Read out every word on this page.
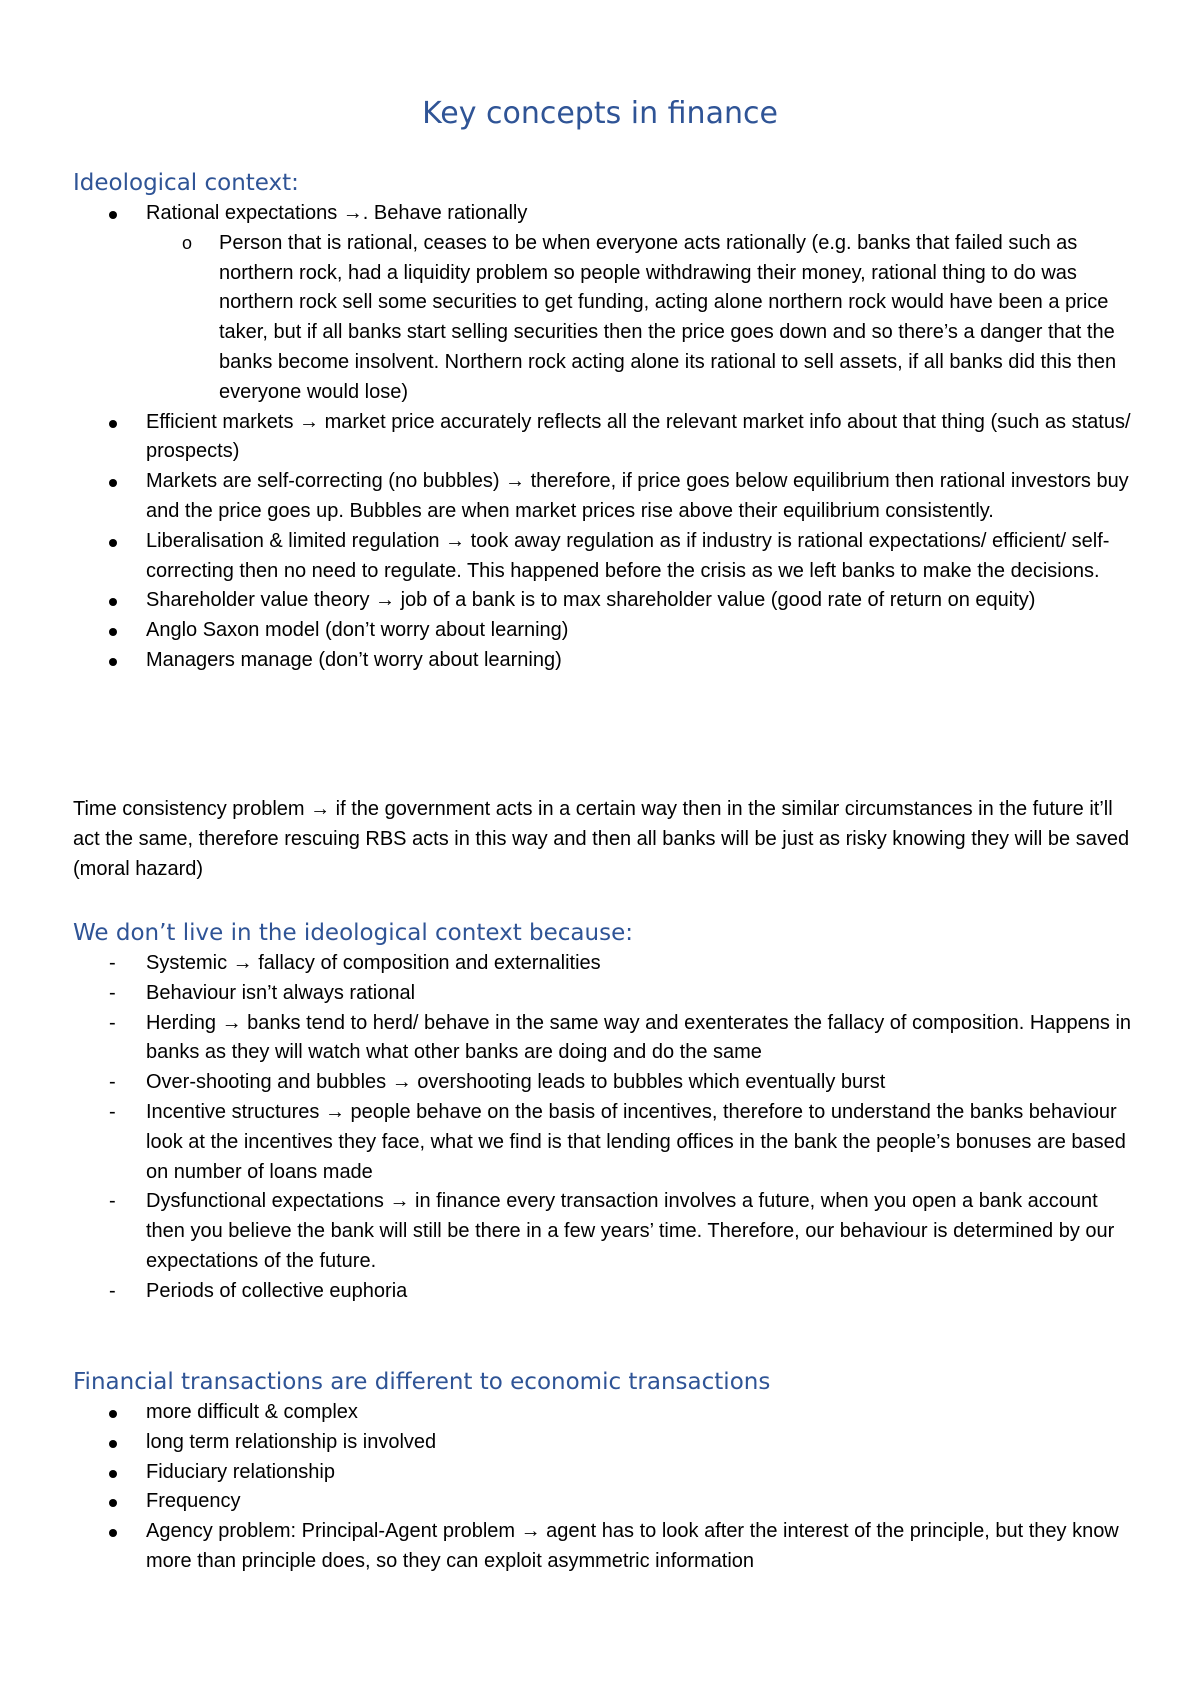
Key concepts in finance
Ideological context:
Rational expectations →. Behave rationally
o	Person that is rational, ceases to be when everyone acts rationally (e.g. banks that failed such as northern rock, had a liquidity problem so people withdrawing their money, rational thing to do was northern rock sell some securities to get funding, acting alone northern rock would have been a price taker, but if all banks start selling securities then the price goes down and so there’s a danger that the banks become insolvent. Northern rock acting alone its rational to sell assets, if all banks did this then everyone would lose)
Efficient markets → market price accurately reflects all the relevant market info about that thing (such as status/ prospects)
Markets are self-correcting (no bubbles) → therefore, if price goes below equilibrium then rational investors buy and the price goes up. Bubbles are when market prices rise above their equilibrium consistently.
Liberalisation & limited regulation → took away regulation as if industry is rational expectations/ efficient/ self-correcting then no need to regulate. This happened before the crisis as we left banks to make the decisions.
Shareholder value theory → job of a bank is to max shareholder value (good rate of return on equity)
Anglo Saxon model (don’t worry about learning)
Managers manage (don’t worry about learning)

Time consistency problem → if the government acts in a certain way then in the similar circumstances in the future it’ll act the same, therefore rescuing RBS acts in this way and then all banks will be just as risky knowing they will be saved (moral hazard)

We don’t live in the ideological context because:
-	Systemic → fallacy of composition and externalities
-	Behaviour isn’t always rational
-	Herding → banks tend to herd/ behave in the same way and exenterates the fallacy of composition. Happens in banks as they will watch what other banks are doing and do the same
-	Over-shooting and bubbles → overshooting leads to bubbles which eventually burst
-	Incentive structures → people behave on the basis of incentives, therefore to understand the banks behaviour look at the incentives they face, what we find is that lending offices in the bank the people’s bonuses are based on number of loans made
-	Dysfunctional expectations → in finance every transaction involves a future, when you open a bank account then you believe the bank will still be there in a few years’ time. Therefore, our behaviour is determined by our expectations of the future.
-	Periods of collective euphoria
Financial transactions are different to economic transactions
more difficult & complex
long term relationship is involved
Fiduciary relationship
Frequency
Agency problem: Principal-Agent problem → agent has to look after the interest of the principle, but they know more than principle does, so they can exploit asymmetric information
